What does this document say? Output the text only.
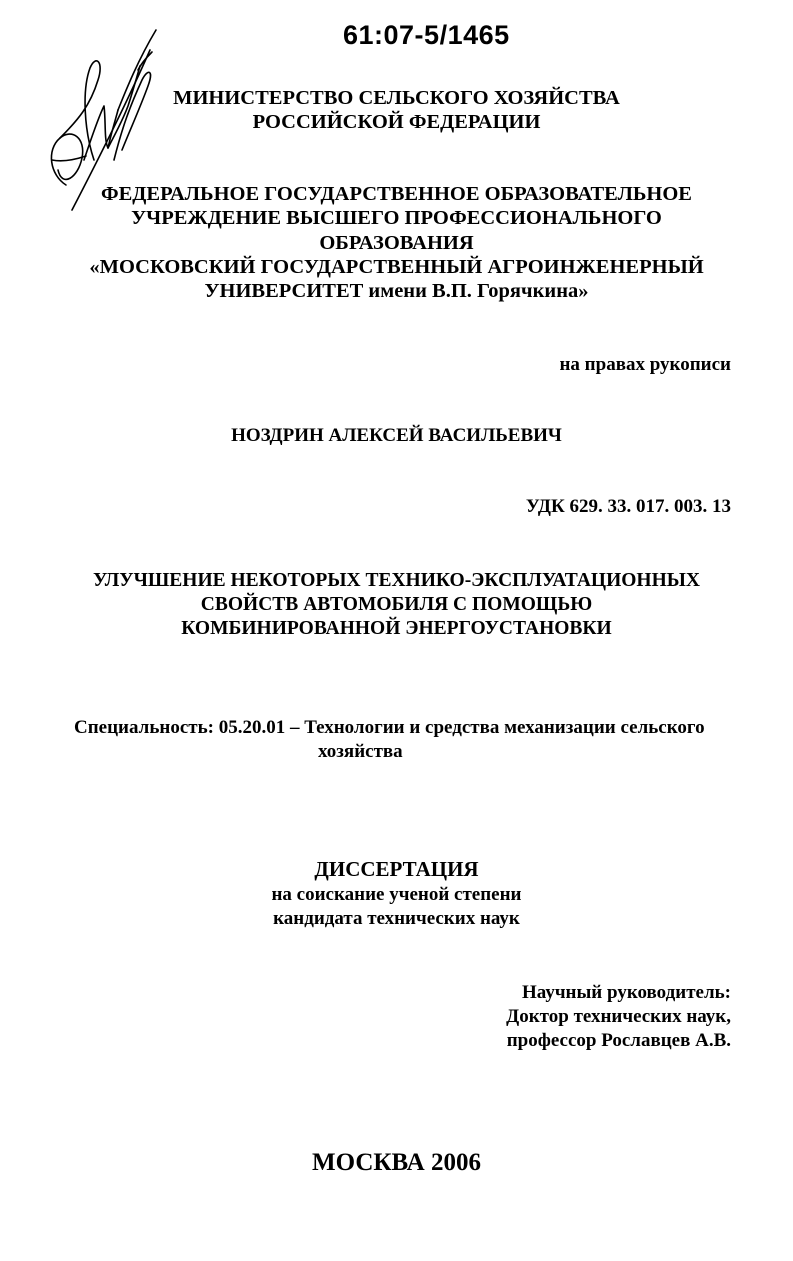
61:07-5/1465
МИНИСТЕРСТВО СЕЛЬСКОГО ХОЗЯЙСТВА
РОССИЙСКОЙ ФЕДЕРАЦИИ
ФЕДЕРАЛЬНОЕ ГОСУДАРСТВЕННОЕ ОБРАЗОВАТЕЛЬНОЕ
УЧРЕЖДЕНИЕ ВЫСШЕГО ПРОФЕССИОНАЛЬНОГО
ОБРАЗОВАНИЯ
«МОСКОВСКИЙ ГОСУДАРСТВЕННЫЙ АГРОИНЖЕНЕРНЫЙ
УНИВЕРСИТЕТ имени В.П. Горячкина»
на правах рукописи
НОЗДРИН АЛЕКСЕЙ ВАСИЛЬЕВИЧ
УДК 629. 33. 017. 003. 13
УЛУЧШЕНИЕ НЕКОТОРЫХ ТЕХНИКО-ЭКСПЛУАТАЦИОННЫХ
СВОЙСТВ АВТОМОБИЛЯ С ПОМОЩЬЮ
КОМБИНИРОВАННОЙ ЭНЕРГОУСТАНОВКИ
Специальность: 05.20.01 – Технологии и средства механизации сельского
хозяйства
ДИССЕРТАЦИЯ
на соискание ученой степени
кандидата технических наук
Научный руководитель:
Доктор технических наук,
профессор Рославцев А.В.
МОСКВА 2006
